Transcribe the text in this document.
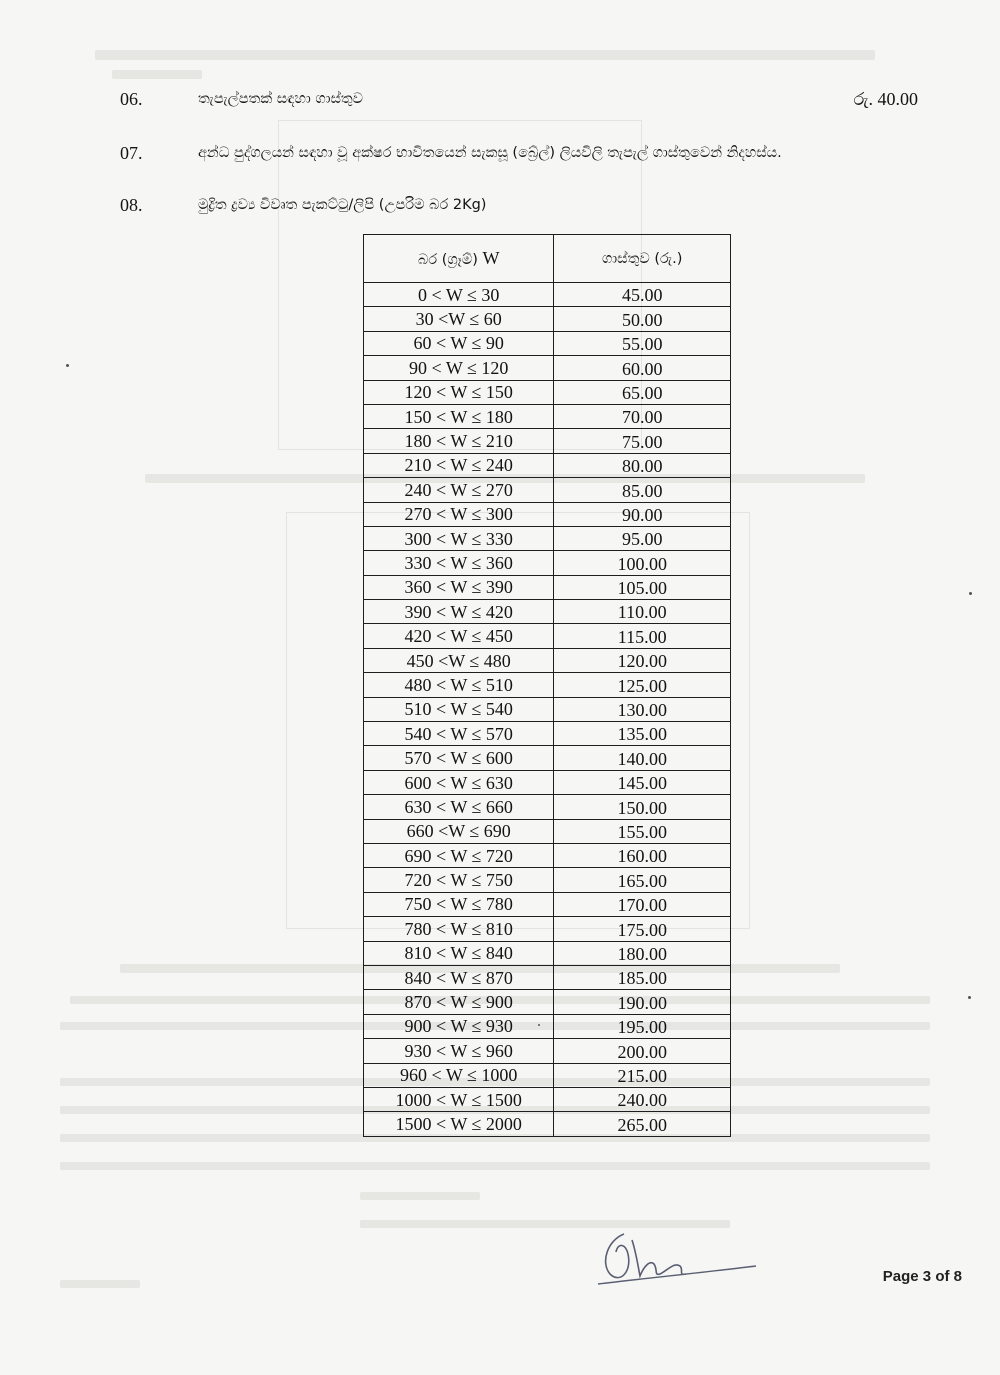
06.	තැපැල්පතක් සඳහා ගාස්තුව	රු. 40.00
07.	අන්ධ පුද්ගලයන් සඳහා වූ අක්ෂර භාවිතයෙන් සැකසූ (බ්‍රේල්) ලියවිලි තැපැල් ගාස්තුවෙන් නිදහස්ය.
08.	මුද්‍රිත ද්‍රව්‍ය විවෘත පැකට්ටු/ලිපි (උපරිම බර 2Kg)
බර (ග්‍රෑම්) W	ගාස්තුව (රු.)
0 < W ≤ 30	45.00
30 <W ≤ 60	50.00
60 < W ≤ 90	55.00
90 < W ≤ 120	60.00
120 < W ≤ 150	65.00
150 < W ≤ 180	70.00
180 < W ≤ 210	75.00
210 < W ≤ 240	80.00
240 < W ≤ 270	85.00
270 < W ≤ 300	90.00
300 < W ≤ 330	95.00
330 < W ≤ 360	100.00
360 < W ≤ 390	105.00
390 < W ≤ 420	110.00
420 < W ≤ 450	115.00
450 <W ≤ 480	120.00
480 < W ≤ 510	125.00
510 < W ≤ 540	130.00
540 < W ≤ 570	135.00
570 < W ≤ 600	140.00
600 < W ≤ 630	145.00
630 < W ≤ 660	150.00
660 <W ≤ 690	155.00
690 < W ≤ 720	160.00
720 < W ≤ 750	165.00
750 < W ≤ 780	170.00
780 < W ≤ 810	175.00
810 < W ≤ 840	180.00
840 < W ≤ 870	185.00
870 < W ≤ 900	190.00
900 < W ≤ 930	195.00
930 < W ≤ 960	200.00
960 < W ≤ 1000	215.00
1000 < W ≤ 1500	240.00
1500 < W ≤ 2000	265.00
Page 3 of 8
